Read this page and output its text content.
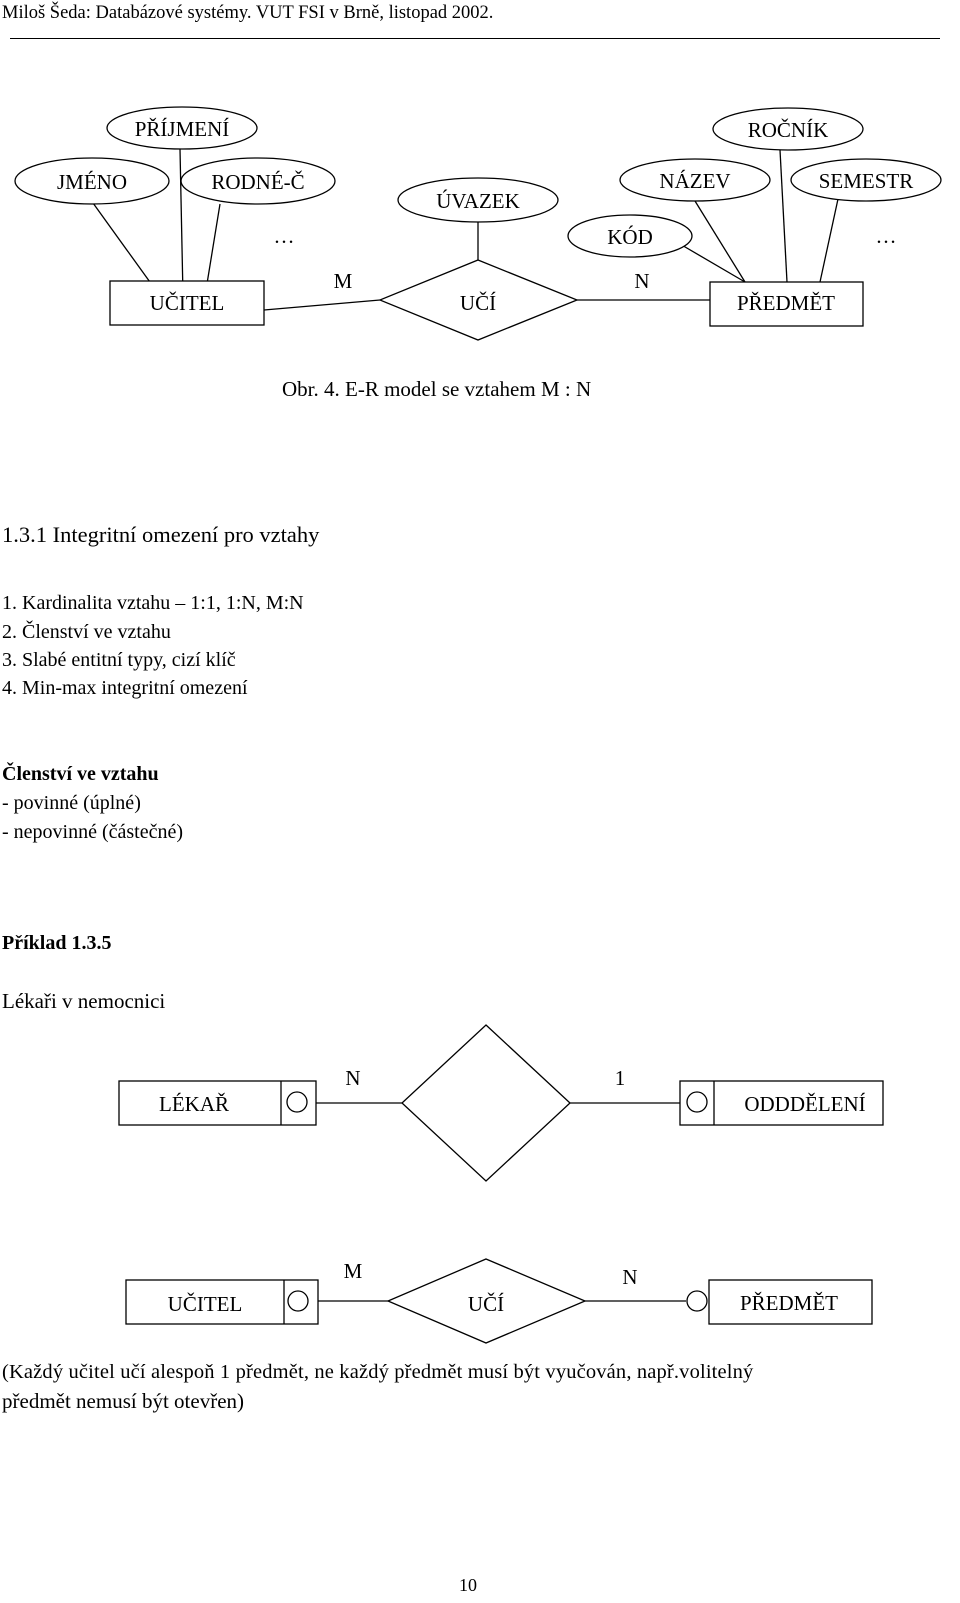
Miloš Šeda: Databázové systémy. VUT FSI v Brně, listopad 2002.
PŘÍJMENÍ
JMÉNO	RODNÉ-Č
ÚVAZEK
ROČNÍK
NÁZEV	SEMESTR
KÓD
…	…
UČITEL	UČÍ	PŘEDMĚT
M	N
Obr. 4. E-R model se vztahem M : N
1.3.1 Integritní omezení pro vztahy
1. Kardinalita vztahu – 1:1, 1:N, M:N
2. Členství ve vztahu
3. Slabé entitní typy, cizí klíč
4. Min-max integritní omezení
Členství ve vztahu
- povinné (úplné)
- nepovinné (částečné)
Příklad 1.3.5
Lékaři v nemocnici
LÉKAŘ	ODDDĚLENÍ
N	1
UČITEL	UČÍ	PŘEDMĚT
M	N
(Každý učitel učí alespoň 1 předmět, ne každý předmět musí být vyučován, např.volitelný
předmět nemusí být otevřen)
10
